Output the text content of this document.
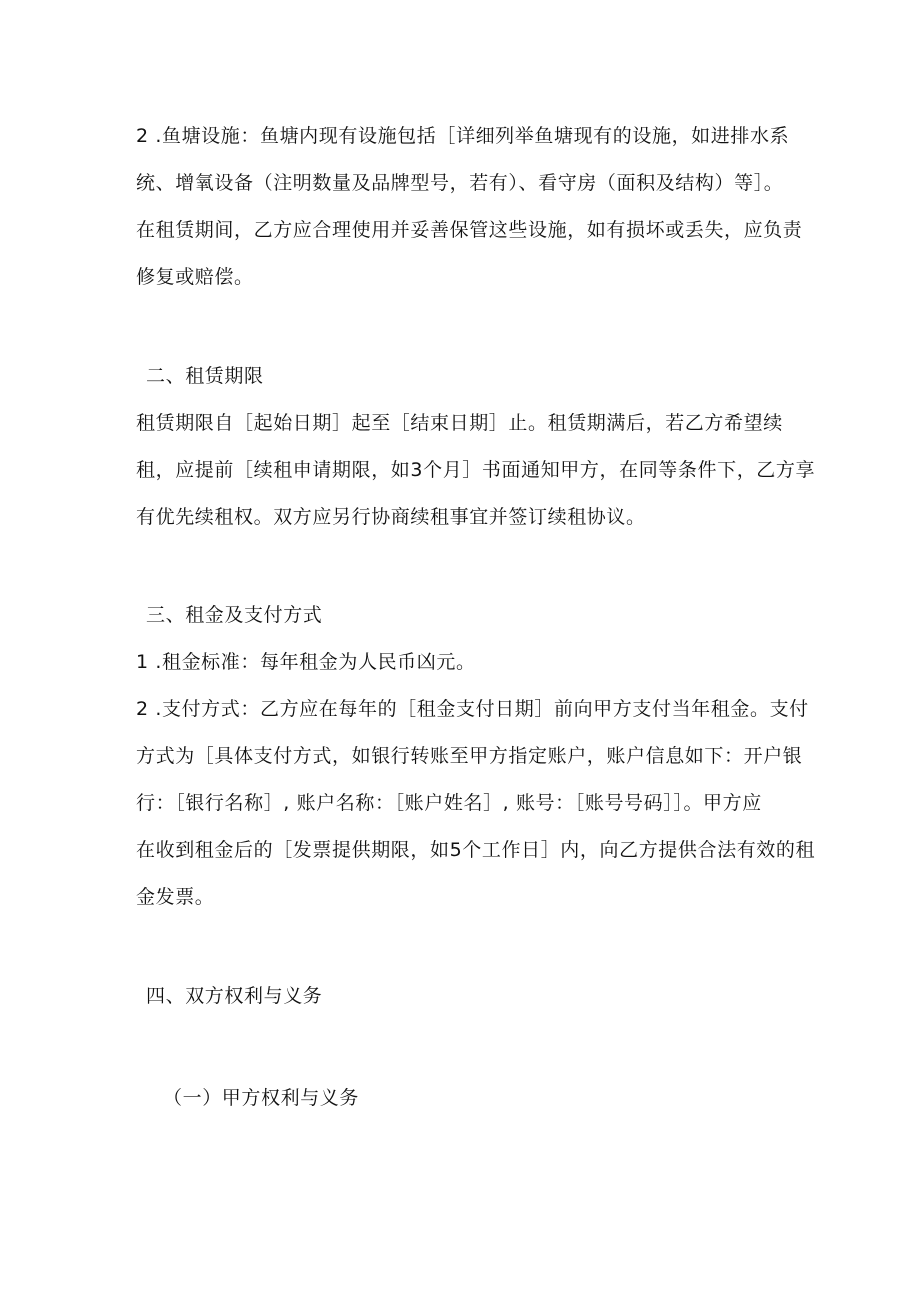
2 .鱼塘设施：鱼塘内现有设施包括［详细列举鱼塘现有的设施，如进排水系
统、增氧设备（注明数量及品牌型号，若有）、看守房（面积及结构）等］。
在租赁期间，乙方应合理使用并妥善保管这些设施，如有损坏或丢失，应负责
修复或赔偿。
二、租赁期限
租赁期限自［起始日期］起至［结束日期］止。租赁期满后，若乙方希望续
租，应提前［续租申请期限，如3个月］书面通知甲方，在同等条件下，乙方享
有优先续租权。双方应另行协商续租事宜并签订续租协议。
三、租金及支付方式
1 .租金标准：每年租金为人民币凶元。
2 .支付方式：乙方应在每年的［租金支付日期］前向甲方支付当年租金。支付
方式为［具体支付方式，如银行转账至甲方指定账户，账户信息如下：开户银
行：［银行名称］, 账户名称：［账户姓名］, 账号：［账号号码］］。甲方应
在收到租金后的［发票提供期限，如5个工作日］内，向乙方提供合法有效的租
金发票。
四、双方权利与义务
（一）甲方权利与义务
